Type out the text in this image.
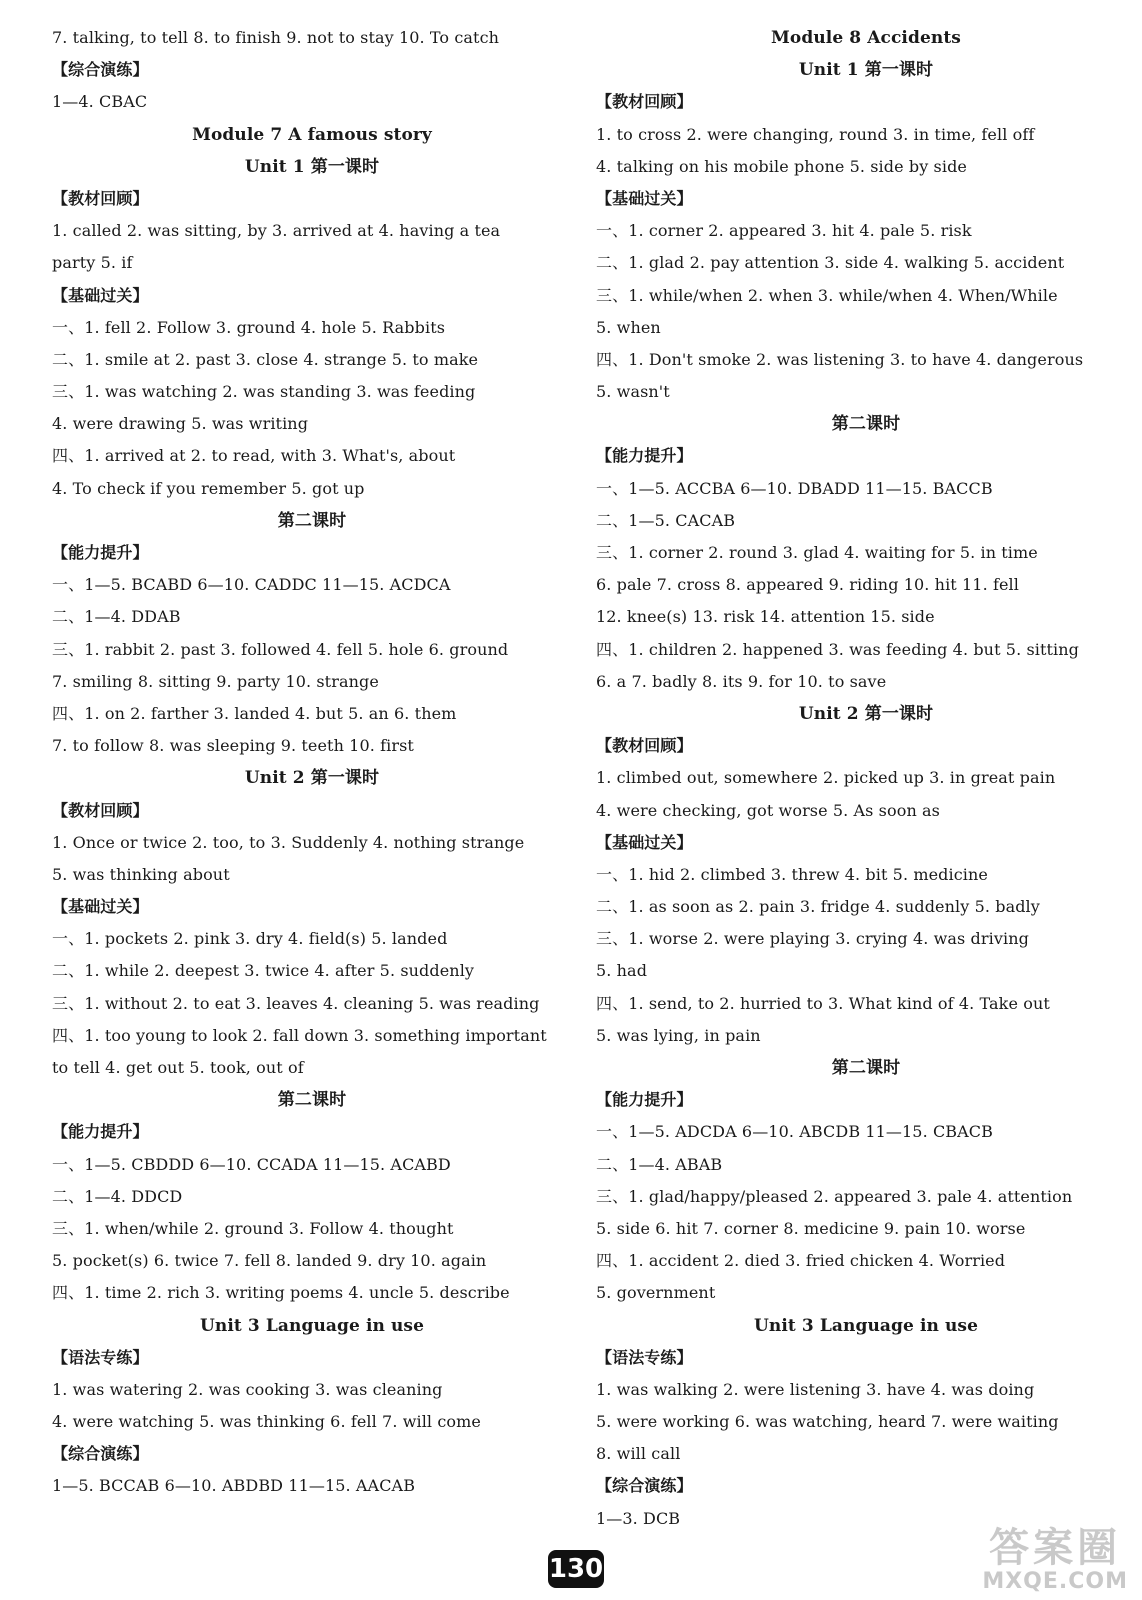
7. talking, to tell 8. to finish 9. not to stay 10. To catch
【综合演练】
1—4. CBAC
Module 7 A famous story
Unit 1 第一课时
【教材回顾】
1. called 2. was sitting, by 3. arrived at 4. having a tea
party 5. if
【基础过关】
一、1. fell 2. Follow 3. ground 4. hole 5. Rabbits
二、1. smile at 2. past 3. close 4. strange 5. to make
三、1. was watching 2. was standing 3. was feeding
4. were drawing 5. was writing
四、1. arrived at 2. to read, with 3. What's, about
4. To check if you remember 5. got up
第二课时
【能力提升】
一、1—5. BCABD 6—10. CADDC 11—15. ACDCA
二、1—4. DDAB
三、1. rabbit 2. past 3. followed 4. fell 5. hole 6. ground
7. smiling 8. sitting 9. party 10. strange
四、1. on 2. farther 3. landed 4. but 5. an 6. them
7. to follow 8. was sleeping 9. teeth 10. first
Unit 2 第一课时
【教材回顾】
1. Once or twice 2. too, to 3. Suddenly 4. nothing strange
5. was thinking about
【基础过关】
一、1. pockets 2. pink 3. dry 4. field(s) 5. landed
二、1. while 2. deepest 3. twice 4. after 5. suddenly
三、1. without 2. to eat 3. leaves 4. cleaning 5. was reading
四、1. too young to look 2. fall down 3. something important
to tell 4. get out 5. took, out of
第二课时
【能力提升】
一、1—5. CBDDD 6—10. CCADA 11—15. ACABD
二、1—4. DDCD
三、1. when/while 2. ground 3. Follow 4. thought
5. pocket(s) 6. twice 7. fell 8. landed 9. dry 10. again
四、1. time 2. rich 3. writing poems 4. uncle 5. describe
Unit 3 Language in use
【语法专练】
1. was watering 2. was cooking 3. was cleaning
4. were watching 5. was thinking 6. fell 7. will come
【综合演练】
1—5. BCCAB 6—10. ABDBD 11—15. AACAB
Module 8 Accidents
Unit 1 第一课时
【教材回顾】
1. to cross 2. were changing, round 3. in time, fell off
4. talking on his mobile phone 5. side by side
【基础过关】
一、1. corner 2. appeared 3. hit 4. pale 5. risk
二、1. glad 2. pay attention 3. side 4. walking 5. accident
三、1. while/when 2. when 3. while/when 4. When/While
5. when
四、1. Don't smoke 2. was listening 3. to have 4. dangerous
5. wasn't
第二课时
【能力提升】
一、1—5. ACCBA 6—10. DBADD 11—15. BACCB
二、1—5. CACAB
三、1. corner 2. round 3. glad 4. waiting for 5. in time
6. pale 7. cross 8. appeared 9. riding 10. hit 11. fell
12. knee(s) 13. risk 14. attention 15. side
四、1. children 2. happened 3. was feeding 4. but 5. sitting
6. a 7. badly 8. its 9. for 10. to save
Unit 2 第一课时
【教材回顾】
1. climbed out, somewhere 2. picked up 3. in great pain
4. were checking, got worse 5. As soon as
【基础过关】
一、1. hid 2. climbed 3. threw 4. bit 5. medicine
二、1. as soon as 2. pain 3. fridge 4. suddenly 5. badly
三、1. worse 2. were playing 3. crying 4. was driving
5. had
四、1. send, to 2. hurried to 3. What kind of 4. Take out
5. was lying, in pain
第二课时
【能力提升】
一、1—5. ADCDA 6—10. ABCDB 11—15. CBACB
二、1—4. ABAB
三、1. glad/happy/pleased 2. appeared 3. pale 4. attention
5. side 6. hit 7. corner 8. medicine 9. pain 10. worse
四、1. accident 2. died 3. fried chicken 4. Worried
5. government
Unit 3 Language in use
【语法专练】
1. was walking 2. were listening 3. have 4. was doing
5. were working 6. was watching, heard 7. were waiting
8. will call
【综合演练】
1—3. DCB
130	答案圈
MXQE.COM
